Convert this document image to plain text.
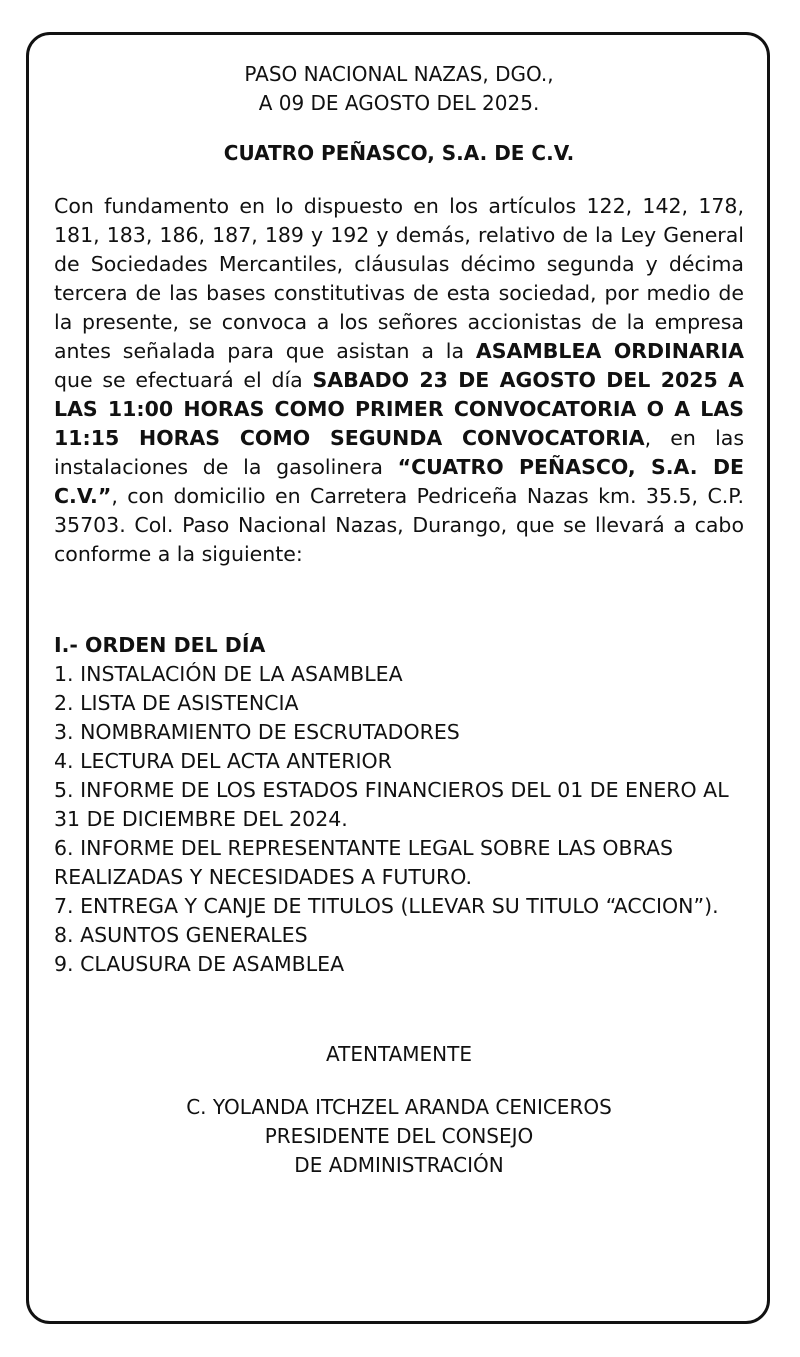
PASO NACIONAL NAZAS, DGO.,

A 09 DE AGOSTO DEL 2025.

CUATRO PEÑASCO, S.A. DE C.V.

Con fundamento en lo dispuesto en los artículos 122, 142, 178, 181, 183, 186, 187, 189 y 192 y demás, relativo de la Ley General de Sociedades Mercantiles, cláusulas décimo segunda y décima tercera de las bases constitutivas de esta sociedad, por medio de la presente, se convoca a los señores accionistas de la empresa antes señalada para que asistan a la ASAMBLEA ORDINARIA que se efectuará el día SABADO 23 DE AGOSTO DEL 2025 A LAS 11:00 HORAS COMO PRIMER CONVOCATORIA O A LAS 11:15 HORAS COMO SEGUNDA CONVOCATORIA, en las instalaciones de la gasolinera “CUATRO PEÑASCO, S.A. DE C.V.”, con domicilio en Carretera Pedriceña Nazas km. 35.5, C.P. 35703. Col. Paso Nacional Nazas, Durango, que se llevará a cabo conforme a la siguiente:

I.- ORDEN DEL DÍA

1. INSTALACIÓN DE LA ASAMBLEA

2. LISTA DE ASISTENCIA

3. NOMBRAMIENTO DE ESCRUTADORES

4. LECTURA DEL ACTA ANTERIOR

5. INFORME DE LOS ESTADOS FINANCIEROS DEL 01 DE ENERO AL 31 DE DICIEMBRE DEL 2024.

6. INFORME DEL REPRESENTANTE LEGAL SOBRE LAS OBRAS REALIZADAS Y NECESIDADES A FUTURO.

7. ENTREGA Y CANJE DE TITULOS (LLEVAR SU TITULO “ACCION”).

8. ASUNTOS GENERALES

9. CLAUSURA DE ASAMBLEA

ATENTAMENTE

C. YOLANDA ITCHZEL ARANDA CENICEROS
PRESIDENTE DEL CONSEJO
DE ADMINISTRACIÓN
